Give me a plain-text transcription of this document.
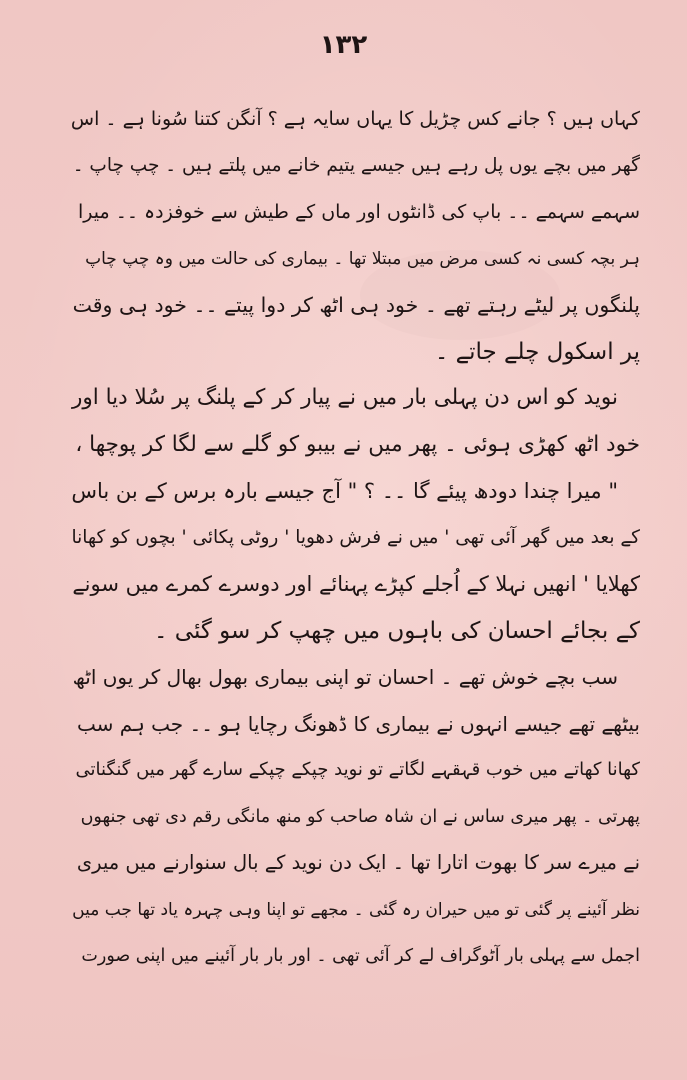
۱۳۲
کہاں ہیں ؟ جانے کس چڑیل کا یہاں سایہ ہے ؟ آنگن کتنا سُونا ہے ۔ اس
گھر میں بچے یوں پل رہے ہیں جیسے یتیم خانے میں پلتے ہیں ۔ چپ چاپ ۔
سہمے سہمے ۔۔ باپ کی ڈانٹوں اور ماں کے طیش سے خوفزدہ ۔۔ میرا
ہر بچہ کسی نہ کسی مرض میں مبتلا تھا ۔ بیماری کی حالت میں وہ چپ چاپ
پلنگوں پر لیٹے رہتے تھے ۔ خود ہی اٹھ کر دوا پیتے ۔۔ خود ہی وقت
پر اسکول چلے جاتے ۔
نوید کو اس دن پہلی بار میں نے پیار کر کے پلنگ پر سُلا دیا اور
خود اٹھ کھڑی ہوئی ۔ پھر میں نے بیبو کو گلے سے لگا کر پوچھا ،
" میرا چندا دودھ پیئے گا ۔۔ ؟ " آج جیسے بارہ برس کے بن باس
کے بعد میں گھر آئی تھی ' میں نے فرش دھویا ' روٹی پکائی ' بچوں کو کھانا
کھلایا ' انھیں نہلا کے اُجلے کپڑے پہنائے اور دوسرے کمرے میں سونے
کے بجائے احسان کی باہوں میں چھپ کر سو گئی ۔
سب بچے خوش تھے ۔ احسان تو اپنی بیماری بھول بھال کر یوں اٹھ
بیٹھے تھے جیسے انہوں نے بیماری کا ڈھونگ رچایا ہو ۔۔ جب ہم سب
کھانا کھاتے میں خوب قہقہے لگاتے تو نوید چپکے چپکے سارے گھر میں گنگناتی
پھرتی ۔ پھر میری ساس نے ان شاہ صاحب کو منھ مانگی رقم دی تھی جنھوں
نے میرے سر کا بھوت اتارا تھا ۔ ایک دن نوید کے بال سنوارنے میں میری
نظر آئینے پر گئی تو میں حیران رہ گئی ۔ مجھے تو اپنا وہی چہرہ یاد تھا جب میں
اجمل سے پہلی بار آٹوگراف لے کر آئی تھی ۔ اور بار بار آئینے میں اپنی صورت
